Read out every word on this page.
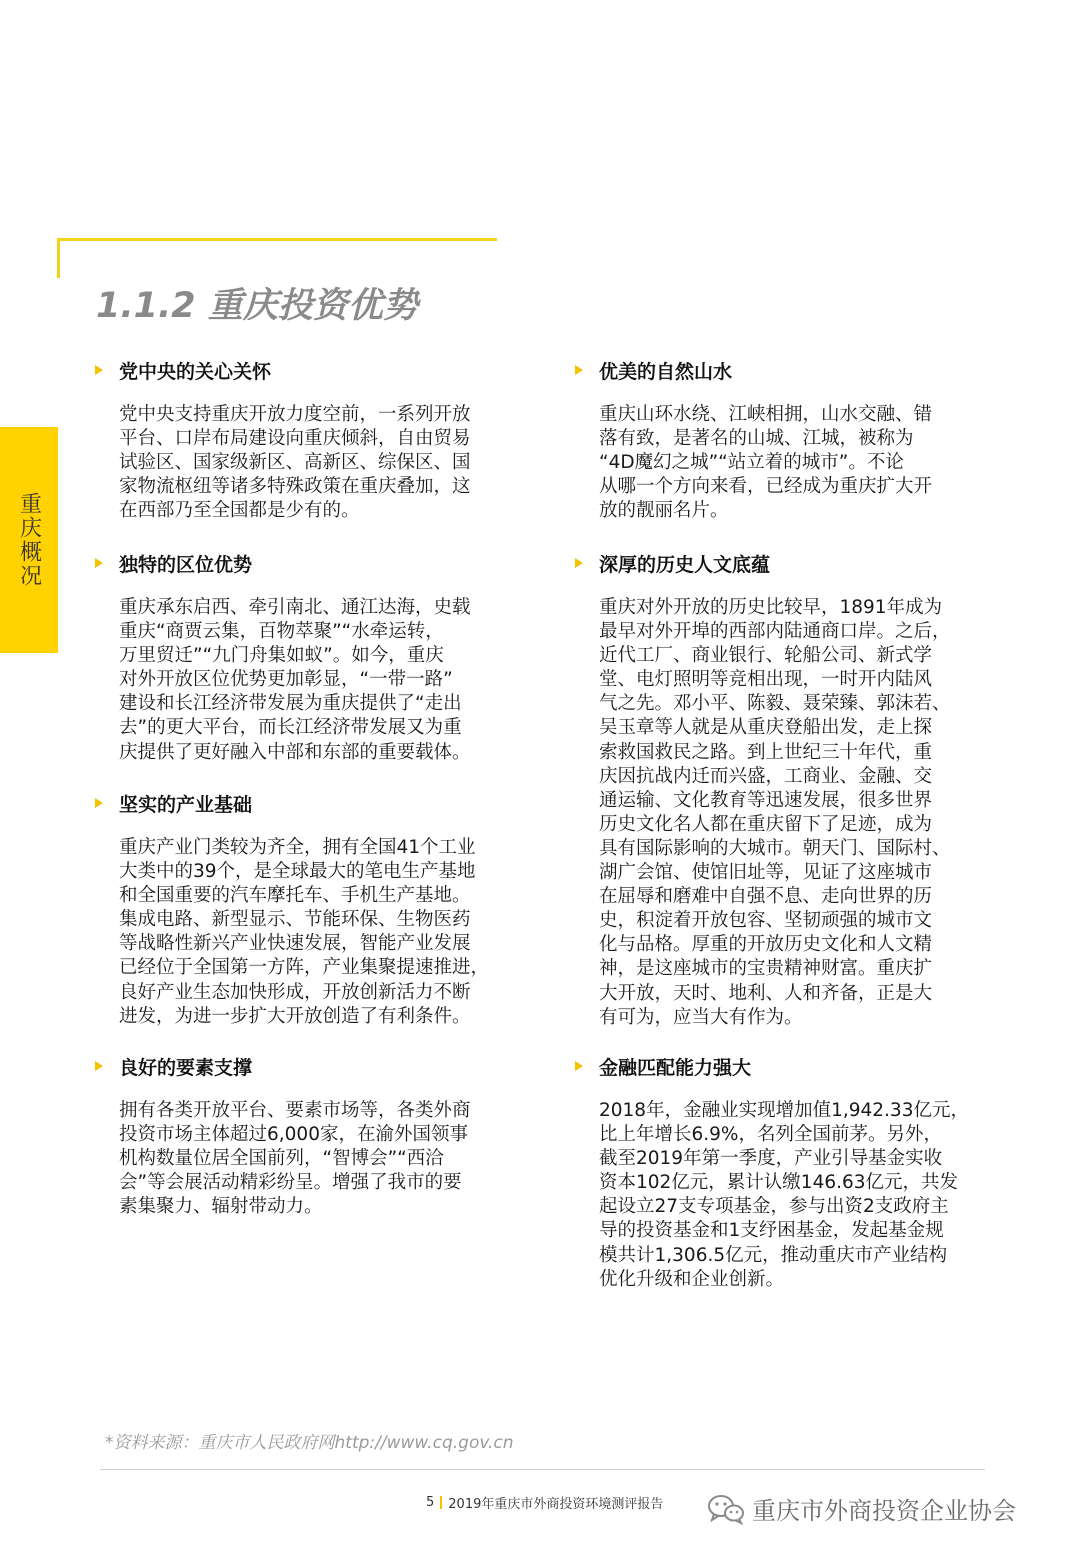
1.1.2 重庆投资优势
重庆概况
党中央的关心关怀
党中央支持重庆开放力度空前，一系列开放
平台、口岸布局建设向重庆倾斜，自由贸易
试验区、国家级新区、高新区、综保区、国
家物流枢纽等诸多特殊政策在重庆叠加，这
在西部乃至全国都是少有的。
独特的区位优势
重庆承东启西、牵引南北、通江达海，史载
重庆“商贾云集，百物萃聚”“水牵运转，
万里贸迁”“九门舟集如蚁”。如今，重庆
对外开放区位优势更加彰显，“一带一路”
建设和长江经济带发展为重庆提供了“走出
去”的更大平台，而长江经济带发展又为重
庆提供了更好融入中部和东部的重要载体。
坚实的产业基础
重庆产业门类较为齐全，拥有全国41个工业
大类中的39个，是全球最大的笔电生产基地
和全国重要的汽车摩托车、手机生产基地。
集成电路、新型显示、节能环保、生物医药
等战略性新兴产业快速发展，智能产业发展
已经位于全国第一方阵，产业集聚提速推进，
良好产业生态加快形成，开放创新活力不断
进发，为进一步扩大开放创造了有利条件。
良好的要素支撑
拥有各类开放平台、要素市场等，各类外商
投资市场主体超过6,000家，在渝外国领事
机构数量位居全国前列，“智博会”“西洽
会”等会展活动精彩纷呈。增强了我市的要
素集聚力、辐射带动力。
优美的自然山水
重庆山环水绕、江峡相拥，山水交融、错
落有致，是著名的山城、江城，被称为
“4D魔幻之城”“站立着的城市”。不论
从哪一个方向来看，已经成为重庆扩大开
放的靓丽名片。
深厚的历史人文底蕴
重庆对外开放的历史比较早，1891年成为
最早对外开埠的西部内陆通商口岸。之后，
近代工厂、商业银行、轮船公司、新式学
堂、电灯照明等竞相出现，一时开内陆风
气之先。邓小平、陈毅、聂荣臻、郭沫若、
吴玉章等人就是从重庆登船出发，走上探
索救国救民之路。到上世纪三十年代，重
庆因抗战内迁而兴盛，工商业、金融、交
通运输、文化教育等迅速发展，很多世界
历史文化名人都在重庆留下了足迹，成为
具有国际影响的大城市。朝天门、国际村、
湖广会馆、使馆旧址等，见证了这座城市
在屈辱和磨难中自强不息、走向世界的历
史，积淀着开放包容、坚韧顽强的城市文
化与品格。厚重的开放历史文化和人文精
神，是这座城市的宝贵精神财富。重庆扩
大开放，天时、地利、人和齐备，正是大
有可为，应当大有作为。
金融匹配能力强大
2018年，金融业实现增加值1,942.33亿元，
比上年增长6.9%，名列全国前茅。另外，
截至2019年第一季度，产业引导基金实收
资本102亿元，累计认缴146.63亿元，共发
起设立27支专项基金，参与出资2支政府主
导的投资基金和1支纾困基金，发起基金规
模共计1,306.5亿元，推动重庆市产业结构
优化升级和企业创新。
*资料来源：重庆市人民政府网http://www.cq.gov.cn
5 2019年重庆市外商投资环境测评报告	重庆市外商投资企业协会
